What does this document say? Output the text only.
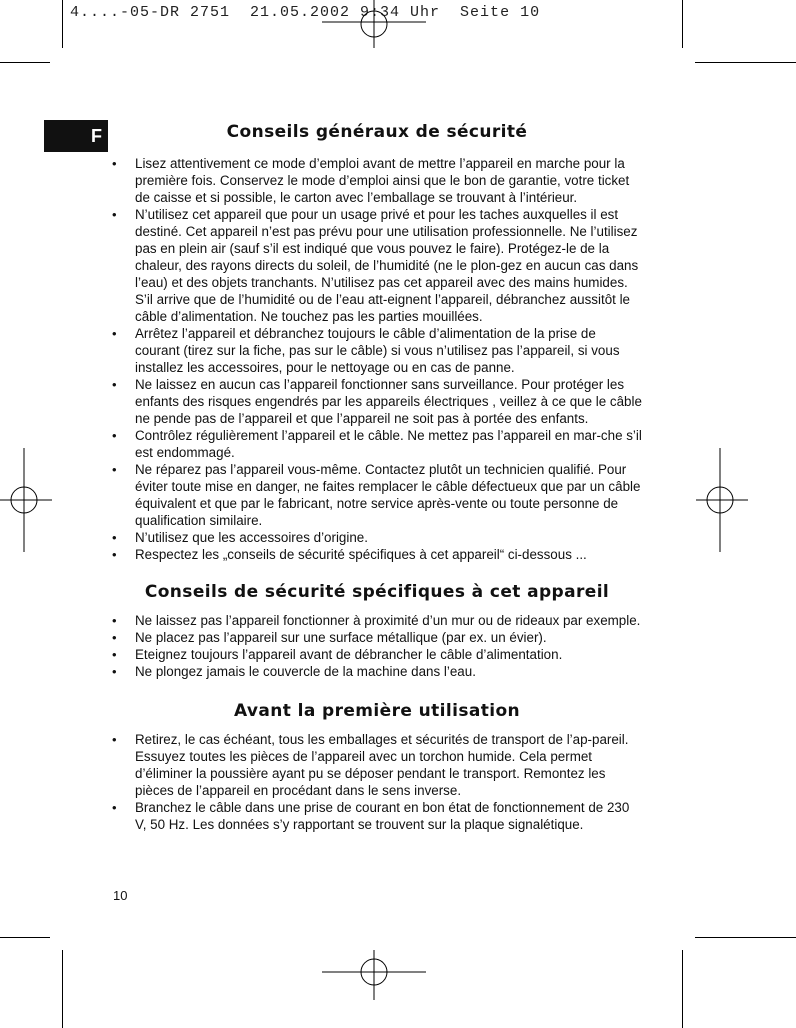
4....-05-DR 2751  21.05.2002 9:34 Uhr  Seite 10
F	Conseils généraux de sécurité
• Lisez attentivement ce mode d’emploi avant de mettre l’appareil en marche pour la première fois. Conservez le mode d’emploi ainsi que le bon de garantie, votre ticket de caisse et si possible, le carton avec l’emballage se trouvant à l’intérieur.
• N’utilisez cet appareil que pour un usage privé et pour les taches auxquelles il est destiné. Cet appareil n’est pas prévu pour une utilisation professionnelle. Ne l’utilisez pas en plein air (sauf s’il est indiqué que vous pouvez le faire). Protégez-le de la chaleur, des rayons directs du soleil, de l’humidité (ne le plon-gez en aucun cas dans l’eau) et des objets tranchants. N’utilisez pas cet appareil avec des mains humides. S’il arrive que de l’humidité ou de l’eau att-eignent l’appareil, débranchez aussitôt le câble d’alimentation. Ne touchez pas les parties mouillées.
• Arrêtez l’appareil et débranchez toujours le câble d’alimentation de la prise de courant (tirez sur la fiche, pas sur le câble) si vous n’utilisez pas l’appareil, si vous installez les accessoires, pour le nettoyage ou en cas de panne.
• Ne laissez en aucun cas l’appareil fonctionner sans surveillance. Pour protéger les enfants des risques engendrés par les appareils électriques , veillez à ce que le câble ne pende pas de l’appareil et que l’appareil ne soit pas à portée des enfants.
• Contrôlez régulièrement l’appareil et le câble. Ne mettez pas l’appareil en mar-che s’il est endommagé.
• Ne réparez pas l’appareil vous-même. Contactez plutôt un technicien qualifié. Pour éviter toute mise en danger, ne faites remplacer le câble défectueux que par un câble équivalent et que par le fabricant, notre service après-vente ou toute personne de qualification similaire.
• N’utilisez que les accessoires d’origine.
• Respectez les „conseils de sécurité spécifiques à cet appareil“ ci-dessous ...
Conseils de sécurité spécifiques à cet appareil
• Ne laissez pas l’appareil fonctionner à proximité d’un mur ou de rideaux par exemple.
• Ne placez pas l’appareil sur une surface métallique (par ex. un évier).
• Eteignez toujours l’appareil avant de débrancher le câble d’alimentation.
• Ne plongez jamais le couvercle de la machine dans l’eau.
Avant la première utilisation
• Retirez, le cas échéant, tous les emballages et sécurités de transport de l’ap-pareil. Essuyez toutes les pièces de l’appareil avec un torchon humide. Cela permet d’éliminer la poussière ayant pu se déposer pendant le transport. Remontez les pièces de l’appareil en procédant dans le sens inverse.
• Branchez le câble dans une prise de courant en bon état de fonctionnement de 230 V, 50 Hz. Les données s’y rapportant se trouvent sur la plaque signalétique.
10
